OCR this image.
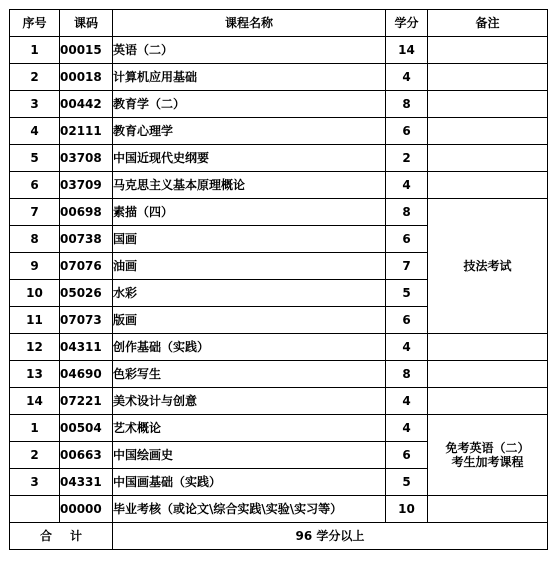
序号	课码	课程名称	学分	备注
1	00015	英语（二）	14	
2	00018	计算机应用基础	4	
3	00442	教育学（二）	8	
4	02111	教育心理学	6	
5	03708	中国近现代史纲要	2	
6	03709	马克思主义基本原理概论	4	
7	00698	素描（四）	8	技法考试
8	00738	国画	6	
9	07076	油画	7	
10	05026	水彩	5	
11	07073	版画	6	
12	04311	创作基础（实践）	4	
13	04690	色彩写生	8	
14	07221	美术设计与创意	4	
1	00504	艺术概论	4	免考英语（二）
考生加考课程

2	00663	中国绘画史	6	
3	04331	中国画基础（实践）	5	
	00000	毕业考核（或论文\综合实践\实验\实习等）	10	
合 计		96 学分以上		
